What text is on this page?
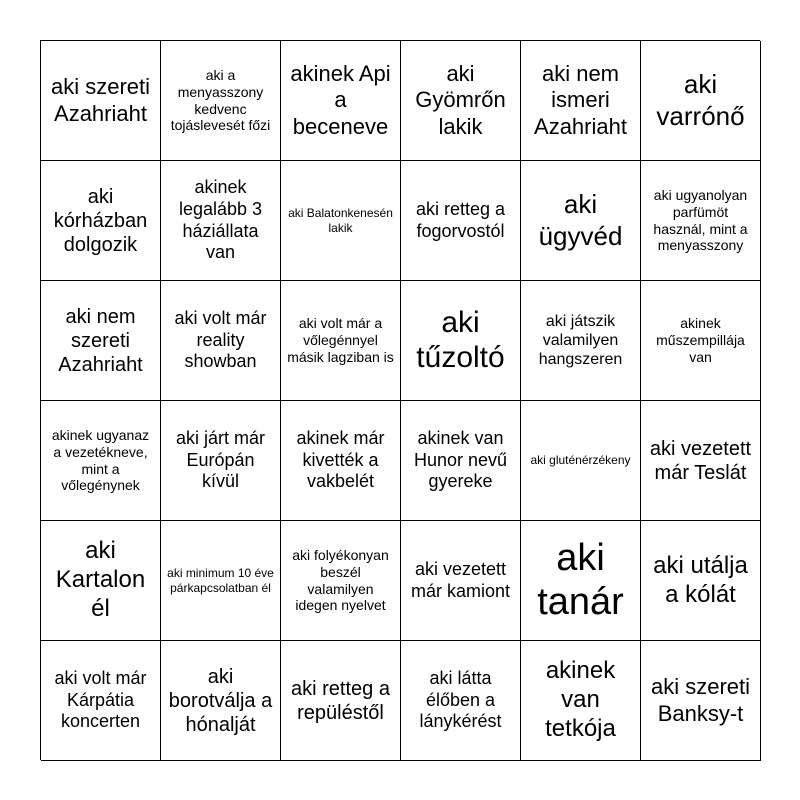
aki szereti Azahriaht
aki a menyasszony kedvenc tojáslevesét főzi
akinek Api a beceneve
aki Gyömrőn lakik
aki nem ismeri Azahriaht
aki varrónő
aki kórházban dolgozik
akinek legalább 3 háziállata van
aki Balatonkenesén lakik
aki retteg a fogorvostól
aki ügyvéd
aki ugyanolyan parfümöt használ, mint a menyasszony
aki nem szereti Azahriaht
aki volt már reality showban
aki volt már a vőlegénnyel másik lagziban is
aki tűzoltó
aki játszik valamilyen hangszeren
akinek műszempillája van
akinek ugyanaz a vezetékneve, mint a vőlegénynek
aki járt már Európán kívül
akinek már kivették a vakbelét
akinek van Hunor nevű gyereke
aki gluténérzékeny
aki vezetett már Teslát
aki Kartalon él
aki minimum 10 éve párkapcsolatban él
aki folyékonyan beszél valamilyen idegen nyelvet
aki vezetett már kamiont
aki tanár
aki utálja a kólát
aki volt már Kárpátia koncerten
aki borotválja a hónalját
aki retteg a repüléstől
aki látta élőben a lánykérést
akinek van tetkója
aki szereti Banksy-t
